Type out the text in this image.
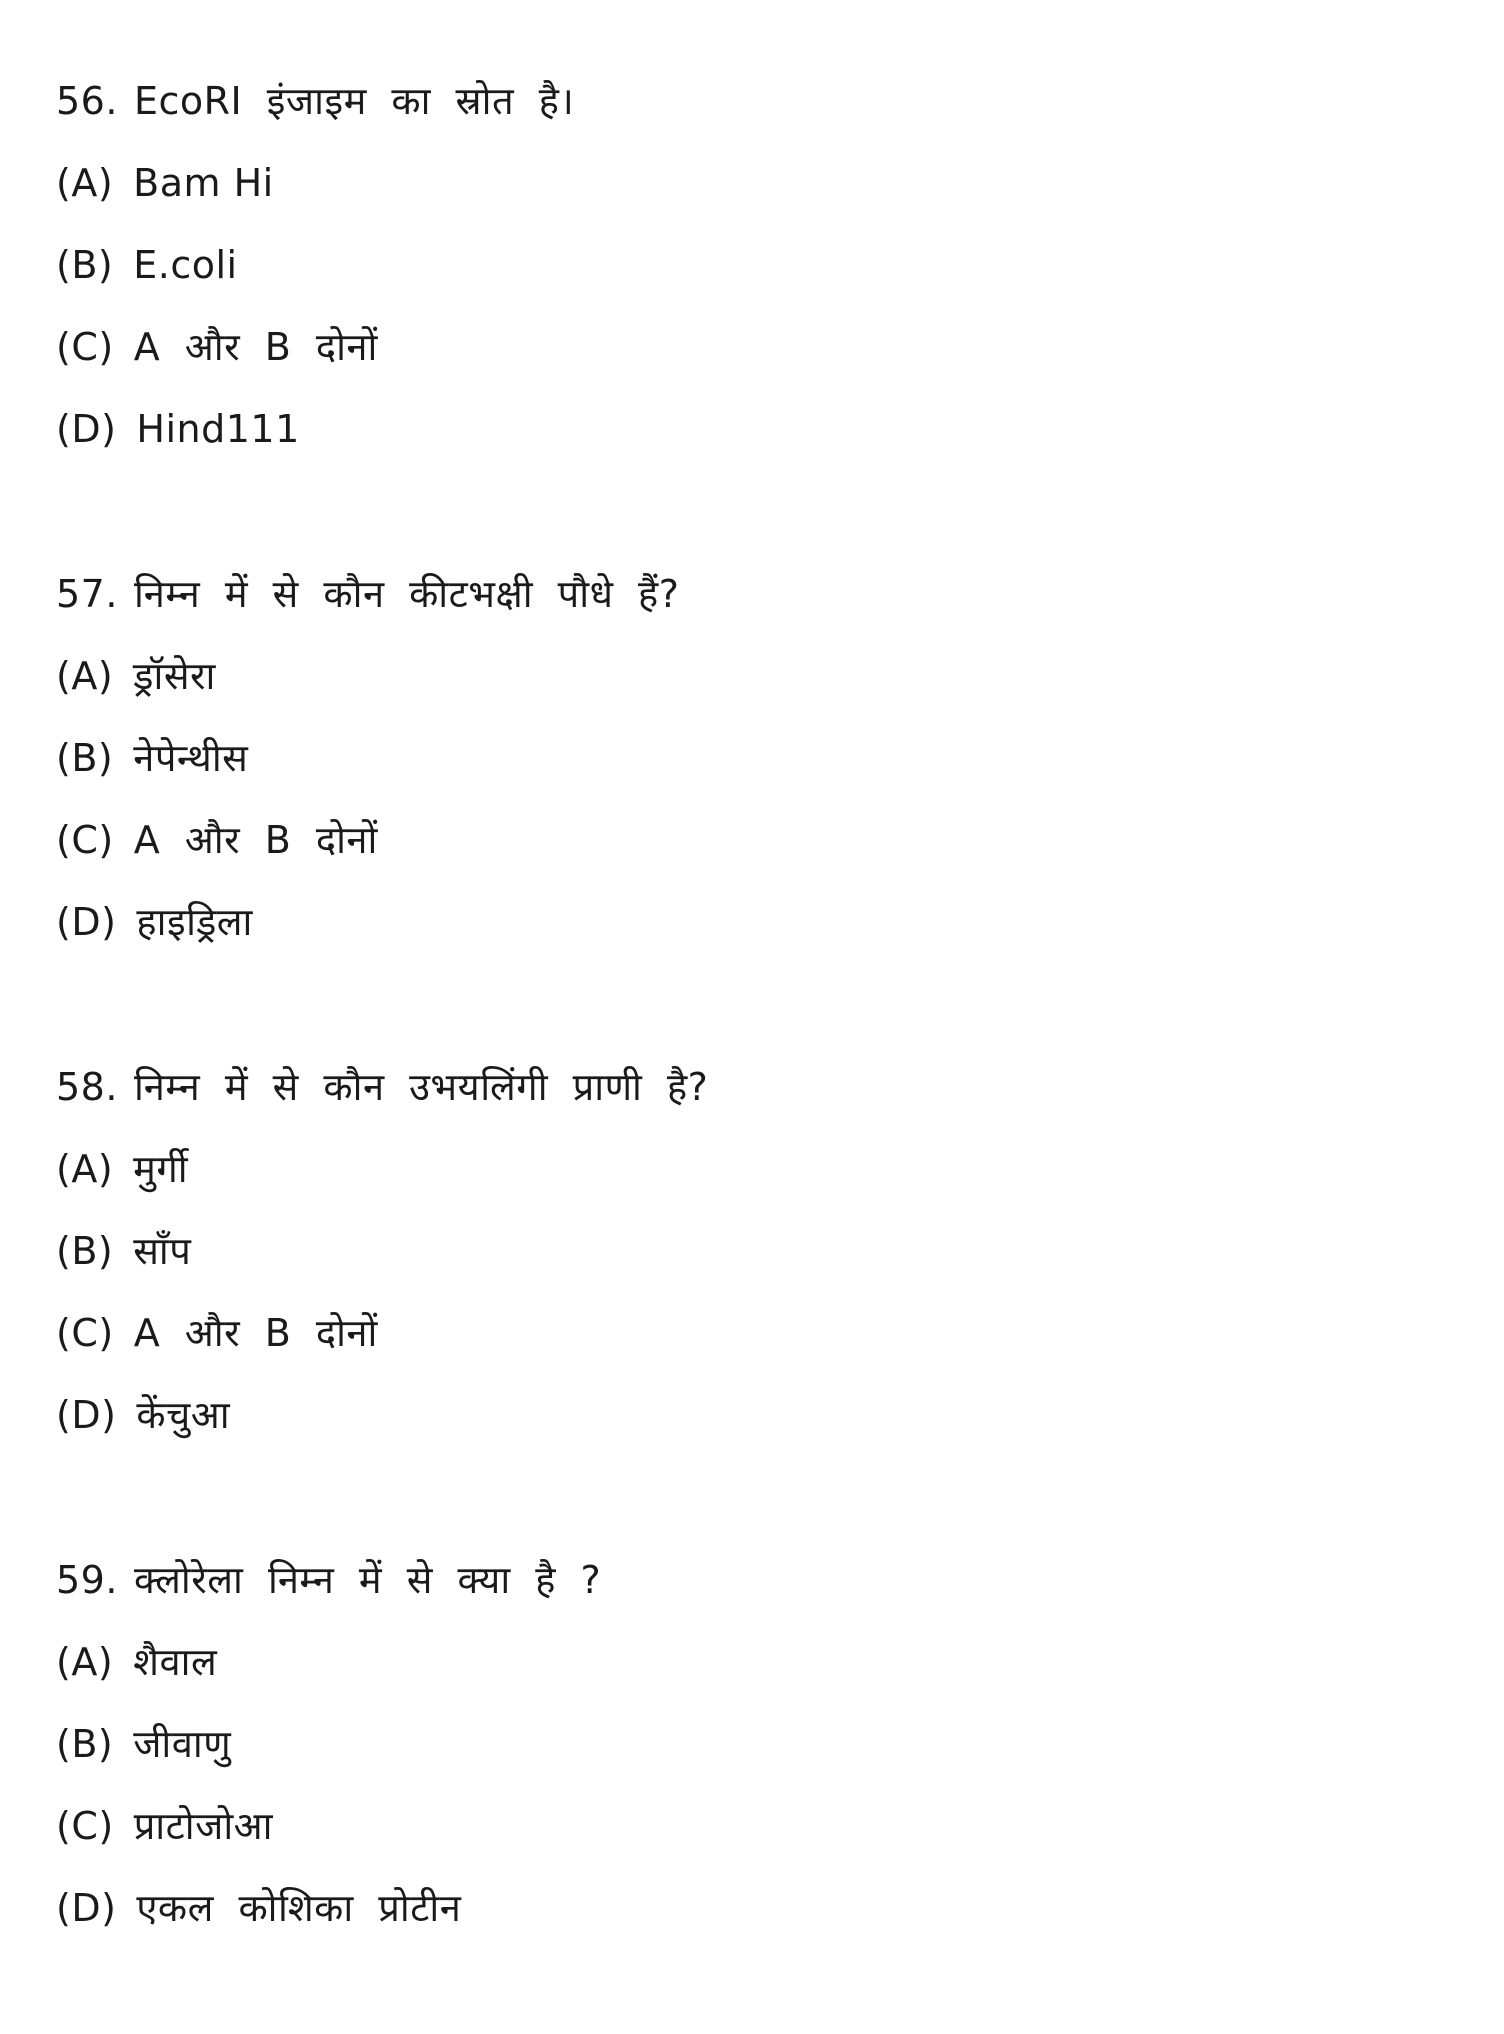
56. EcoRI इंजाइम का स्रोत है।
(A) Bam Hi
(B) E.coli
(C) A और B दोनों
(D) Hind111
57. निम्न में से कौन कीटभक्षी पौधे हैं?
(A) ड्रॉसेरा
(B) नेपेन्थीस
(C) A और B दोनों
(D) हाइड्रिला
58. निम्न में से कौन उभयलिंगी प्राणी है?
(A) मुर्गी
(B) साँप
(C) A और B दोनों
(D) केंचुआ
59. क्लोरेला निम्न में से क्या है ?
(A) शैवाल
(B) जीवाणु
(C) प्राटोजोआ
(D) एकल कोशिका प्रोटीन
